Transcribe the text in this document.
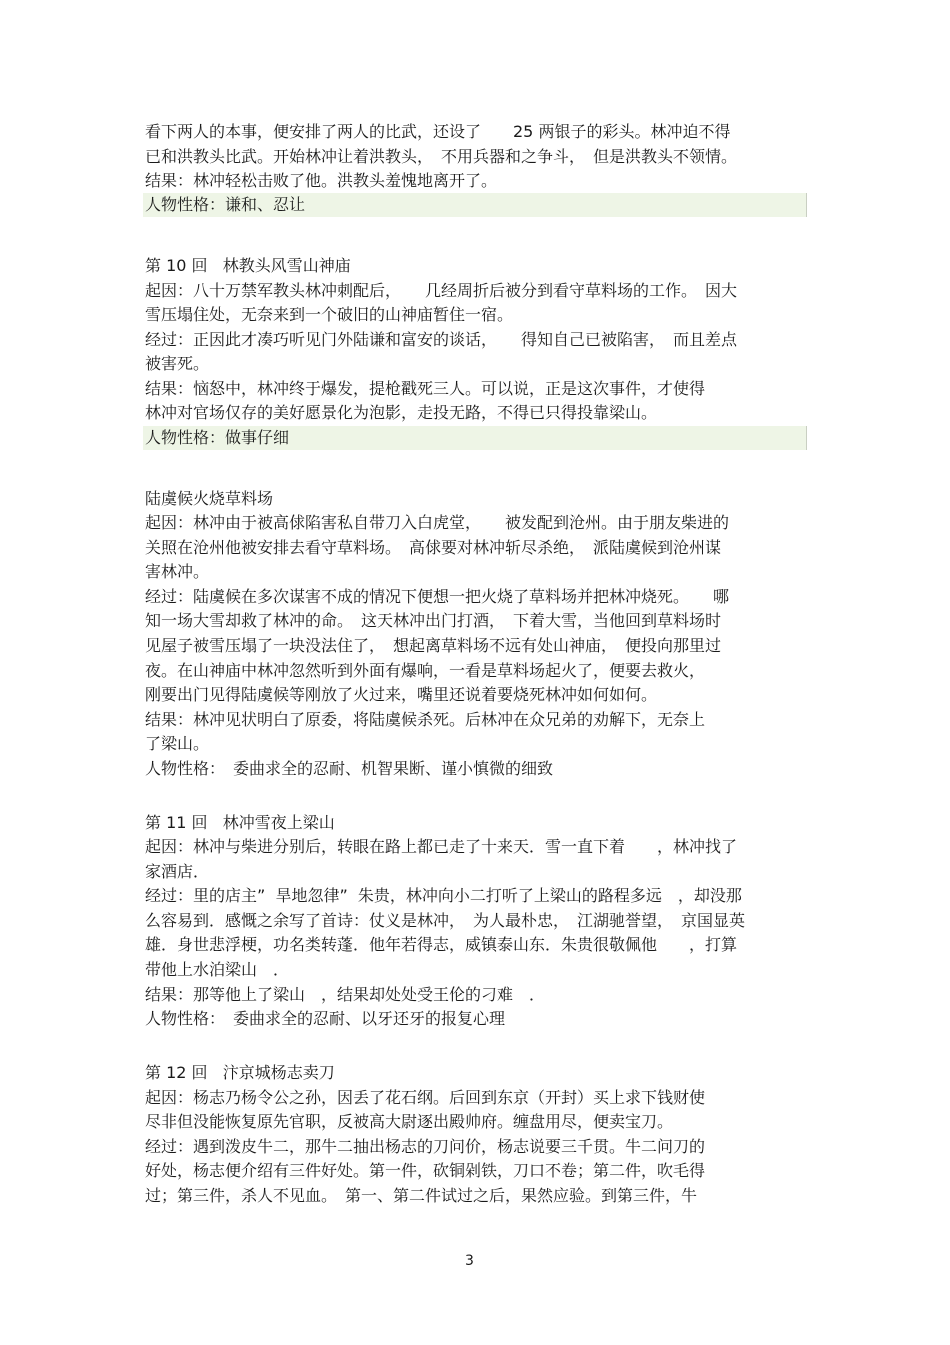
看下两人的本事，便安排了两人的比武，还设了　　25 两银子的彩头。林冲迫不得
已和洪教头比武。开始林冲让着洪教头，　不用兵器和之争斗，　但是洪教头不领情。
结果：林冲轻松击败了他。洪教头羞愧地离开了。
人物性格：谦和、忍让
第 10 回   林教头风雪山神庙
起因：八十万禁军教头林冲刺配后，　　几经周折后被分到看守草料场的工作。　因大
雪压塌住处，无奈来到一个破旧的山神庙暂住一宿。
经过：正因此才凑巧听见门外陆谦和富安的谈话，　　得知自己已被陷害，　而且差点
被害死。
结果：恼怒中，林冲终于爆发，提枪戳死三人。可以说，正是这次事件，才使得
林冲对官场仅存的美好愿景化为泡影，走投无路，不得已只得投靠梁山。
人物性格：做事仔细
陆虞候火烧草料场
起因：林冲由于被高俅陷害私自带刀入白虎堂，　　被发配到沧州。由于朋友柴进的
关照在沧州他被安排去看守草料场。　高俅要对林冲斩尽杀绝，　派陆虞候到沧州谋
害林冲。
经过：陆虞候在多次谋害不成的情况下便想一把火烧了草料场并把林冲烧死。　　哪
知一场大雪却救了林冲的命。　这天林冲出门打酒，　下着大雪，当他回到草料场时
见屋子被雪压塌了一块没法住了，　想起离草料场不远有处山神庙，　便投向那里过
夜。在山神庙中林冲忽然听到外面有爆响，一看是草料场起火了，便要去救火，
刚要出门见得陆虞候等刚放了火过来，嘴里还说着要烧死林冲如何如何。
结果：林冲见状明白了原委，将陆虞候杀死。后林冲在众兄弟的劝解下，无奈上
了梁山。
人物性格：　委曲求全的忍耐、机智果断、谨小慎微的细致
第 11 回   林冲雪夜上梁山
起因：林冲与柴进分别后，转眼在路上都已走了十来天．雪一直下着　　，林冲找了
家酒店．
经过：里的店主”  旱地忽律”  朱贵，林冲向小二打听了上梁山的路程多远　，却没那
么容易到．感慨之余写了首诗：仗义是林冲，　为人最朴忠，　江湖驰誉望，　京国显英
雄．身世悲浮梗，功名类转蓬．他年若得志，威镇泰山东．朱贵很敬佩他　　，打算
带他上水泊梁山　．
结果：那等他上了梁山　，结果却处处受王伦的刁难　．
人物性格：　委曲求全的忍耐、以牙还牙的报复心理
第 12 回   汴京城杨志卖刀
起因：杨志乃杨令公之孙，因丢了花石纲。后回到东京（开封）买上求下钱财使
尽非但没能恢复原先官职，反被高大尉逐出殿帅府。缠盘用尽，便卖宝刀。
经过：遇到泼皮牛二，那牛二抽出杨志的刀问价，杨志说要三千贯。牛二问刀的
好处，杨志便介绍有三件好处。第一件，砍铜剁铁，刀口不卷；第二件，吹毛得
过；第三件，杀人不见血。　第一、第二件试过之后，果然应验。到第三件，牛
3
